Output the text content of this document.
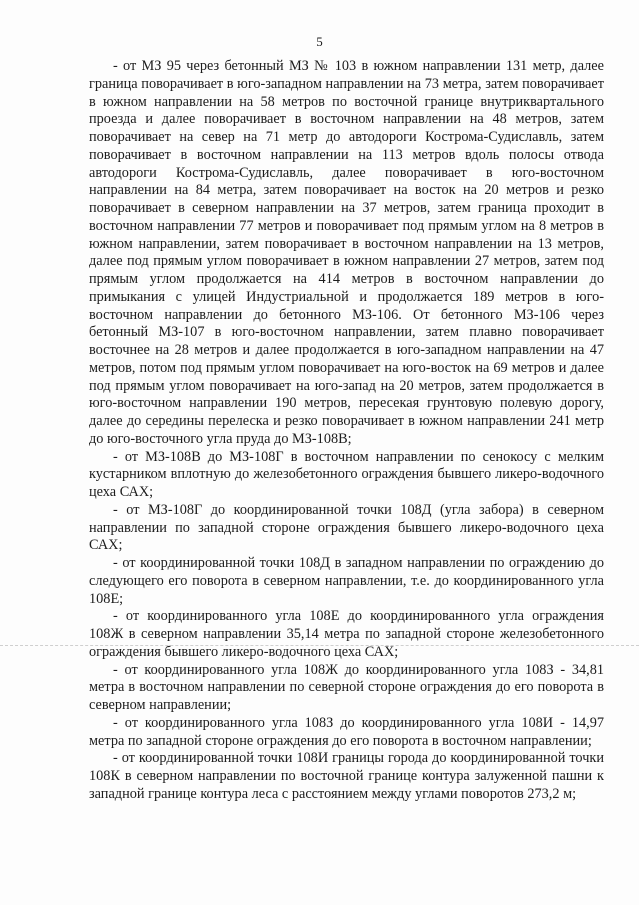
5

- от МЗ 95 через бетонный МЗ № 103 в южном направлении 131 метр, далее граница поворачивает в юго-западном направлении на 73 метра, затем поворачивает в южном направлении на 58 метров по восточной границе внутриквартального проезда и далее поворачивает в восточном направлении на 48 метров, затем поворачивает на север на 71 метр до автодороги Кострома-Судиславль, затем поворачивает в восточном направлении на 113 метров вдоль полосы отвода автодороги Кострома-Судиславль, далее поворачивает в юго-восточном направлении на 84 метра, затем поворачивает на восток на 20 метров и резко поворачивает в северном направлении на 37 метров, затем граница проходит в восточном направлении 77 метров и поворачивает под прямым углом на 8 метров в южном направлении, затем поворачивает в восточном направлении на 13 метров, далее под прямым углом поворачивает в южном направлении 27 метров, затем под прямым углом продолжается на 414 метров в восточном направлении до примыкания с улицей Индустриальной и продолжается 189 метров в юго-восточном направлении до бетонного МЗ-106. От бетонного МЗ-106 через бетонный МЗ-107 в юго-восточном направлении, затем плавно поворачивает восточнее на 28 метров и далее продолжается в юго-западном направлении на 47 метров, потом под прямым углом поворачивает на юго-восток на 69 метров и далее под прямым углом поворачивает на юго-запад на 20 метров, затем продолжается в юго-восточном направлении 190 метров, пересекая грунтовую полевую дорогу, далее до середины перелеска и резко поворачивает в южном направлении 241 метр до юго-восточного угла пруда до МЗ-108В;

- от МЗ-108В до МЗ-108Г в восточном направлении по сенокосу с мелким кустарником вплотную до железобетонного ограждения бывшего ликеро-водочного цеха САХ;

- от МЗ-108Г до координированной точки 108Д (угла забора) в северном направлении по западной стороне ограждения бывшего ликеро-водочного цеха САХ;

- от координированной точки 108Д в западном направлении по ограждению до следующего его поворота в северном направлении, т.е. до координированного угла 108Е;

- от координированного угла 108Е до координированного угла ограждения 108Ж в северном направлении 35,14 метра по западной стороне железобетонного ограждения бывшего ликеро-водочного цеха САХ;

- от координированного угла 108Ж до координированного угла 108З - 34,81 метра в восточном направлении по северной стороне ограждения до его поворота в северном направлении;

- от координированного угла 108З до координированного угла 108И - 14,97 метра по западной стороне ограждения до его поворота в восточном направлении;

- от координированной точки 108И границы города до координированной точки 108К в северном направлении по восточной границе контура залуженной пашни к западной границе контура леса с расстоянием между углами поворотов 273,2 м;
